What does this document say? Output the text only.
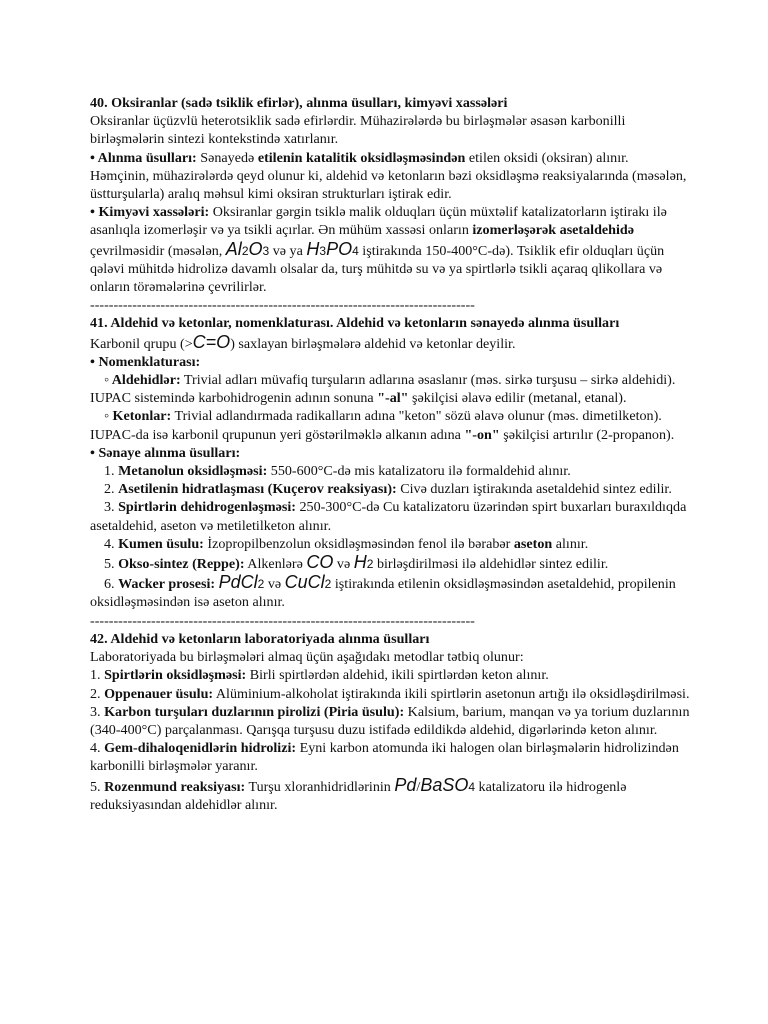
40. Oksiranlar (sadə tsiklik efirlər), alınma üsulları, kimyəvi xassələri

Oksiranlar üçüzvlü heterotsiklik sadə efirlərdir. Mühazirələrdə bu birləşmələr əsasən karbonilli birləşmələrin sintezi kontekstində xatırlanır.

• Alınma üsulları: Sənayedə etilenin katalitik oksidləşməsindən etilen oksidi (oksiran) alınır. Həmçinin, mühazirələrdə qeyd olunur ki, aldehid və ketonların bəzi oksidləşmə reaksiyalarında (məsələn, üstturşularla) aralıq məhsul kimi oksiran strukturları iştirak edir.

• Kimyəvi xassələri: Oksiranlar gərgin tsiklə malik olduqları üçün müxtəlif katalizatorların iştirakı ilə asanlıqla izomerləşir və ya tsikli açırlar. Ən mühüm xassəsi onların izomerləşərək asetaldehidə çevrilməsidir (məsələn, Al2O3 və ya H3PO4 iştirakında 150-400°C-də). Tsiklik efir olduqları üçün qələvi mühitdə hidrolizə davamlı olsalar da, turş mühitdə su və ya spirtlərlə tsikli açaraq qlikollara və onların törəmələrinə çevrilirlər.

----------------------------------------------------------------------------------

41. Aldehid və ketonlar, nomenklaturası. Aldehid və ketonların sənayedə alınma üsulları

Karbonil qrupu (>C=O) saxlayan birləşmələrə aldehid və ketonlar deyilir.

• Nomenklaturası:

◦ Aldehidlər: Trivial adları müvafiq turşuların adlarına əsaslanır (məs. sirkə turşusu – sirkə aldehidi). IUPAC sistemində karbohidrogenin adının sonuna "-al" şəkilçisi əlavə edilir (metanal, etanal).

◦ Ketonlar: Trivial adlandırmada radikalların adına "keton" sözü əlavə olunur (məs. dimetilketon). IUPAC-da isə karbonil qrupunun yeri göstərilməklə alkanın adına "-on" şəkilçisi artırılır (2-propanon).

• Sənaye alınma üsulları:

1. Metanolun oksidləşməsi: 550-600°C-də mis katalizatoru ilə formaldehid alınır.

2. Asetilenin hidratlaşması (Kuçerov reaksiyası): Civə duzları iştirakında asetaldehid sintez edilir.

3. Spirtlərin dehidrogenləşməsi: 250-300°C-də Cu katalizatoru üzərindən spirt buxarları buraxıldıqda asetaldehid, aseton və metiletilketon alınır.

4. Kumen üsulu: İzopropilbenzolun oksidləşməsindən fenol ilə bərabər aseton alınır.

5. Okso-sintez (Reppe): Alkenlərə CO və H2 birləşdirilməsi ilə aldehidlər sintez edilir.

6. Wacker prosesi: PdCl2 və CuCl2 iştirakında etilenin oksidləşməsindən asetaldehid, propilenin oksidləşməsindən isə aseton alınır.

----------------------------------------------------------------------------------

42. Aldehid və ketonların laboratoriyada alınma üsulları

Laboratoriyada bu birləşmələri almaq üçün aşağıdakı metodlar tətbiq olunur:

1. Spirtlərin oksidləşməsi: Birli spirtlərdən aldehid, ikili spirtlərdən keton alınır.

2. Oppenauer üsulu: Alüminium-alkoholat iştirakında ikili spirtlərin asetonun artığı ilə oksidləşdirilməsi.

3. Karbon turşuları duzlarının pirolizi (Piria üsulu): Kalsium, barium, manqan və ya torium duzlarının (340-400°C) parçalanması. Qarışqa turşusu duzu istifadə edildikdə aldehid, digərlərində keton alınır.

4. Gem-dihaloqenidlərin hidrolizi: Eyni karbon atomunda iki halogen olan birləşmələrin hidrolizindən karbonilli birləşmələr yaranır.

5. Rozenmund reaksiyası: Turşu xloranhidridlərinin Pd/BaSO4 katalizatoru ilə hidrogenlə reduksiyasından aldehidlər alınır.
